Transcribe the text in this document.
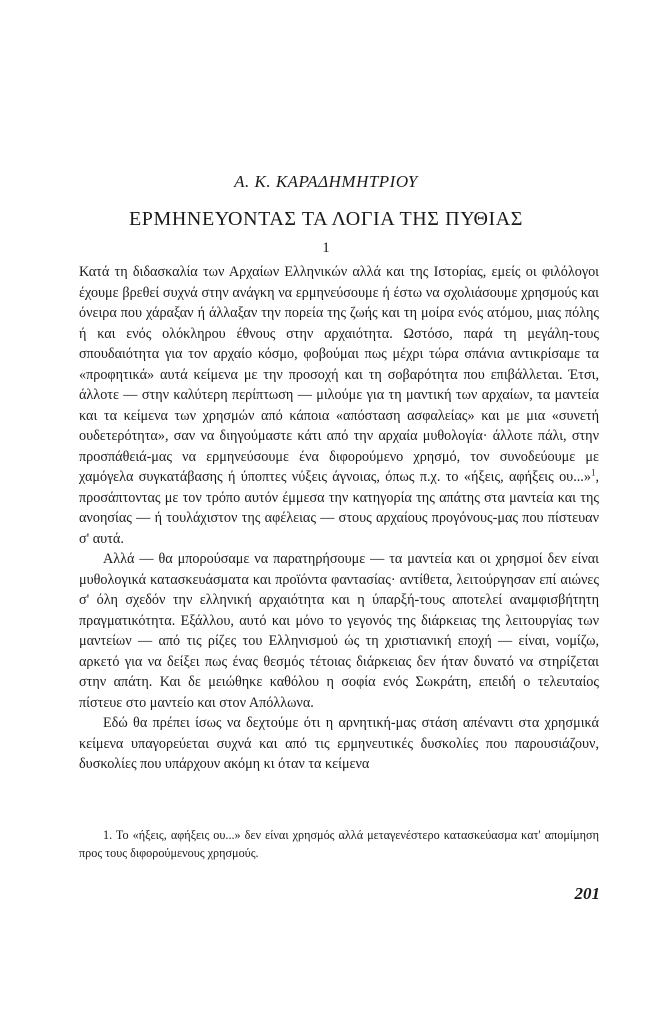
Α. Κ. ΚΑΡΑΔΗΜΗΤΡΙΟΥ
ΕΡΜΗΝΕΥΟΝΤΑΣ ΤΑ ΛΟΓΙΑ ΤΗΣ ΠΥΘΙΑΣ
1

Κατά τη διδασκαλία των Αρχαίων Ελληνικών αλλά και της Ιστορίας, εμείς οι φιλόλογοι έχουμε βρεθεί συχνά στην ανάγκη να ερμηνεύσουμε ή έστω να σχολιάσουμε χρησμούς και όνειρα που χάραξαν ή άλλαξαν την πορεία της ζωής και τη μοίρα ενός ατόμου, μιας πόλης ή και ενός ολόκληρου έθνους στην αρχαιότητα. Ωστόσο, παρά τη μεγάλη-τους σπουδαιότητα για τον αρχαίο κόσμο, φοβούμαι πως μέχρι τώρα σπάνια αντικρίσαμε τα «προφητικά» αυτά κείμενα με την προσοχή και τη σοβαρότητα που επιβάλλεται. Έτσι, άλλοτε — στην καλύτερη περίπτωση — μιλούμε για τη μαντική των αρχαίων, τα μαντεία και τα κείμενα των χρησμών από κάποια «απόσταση ασφαλείας» και με μια «συνετή ουδετερότητα», σαν να διηγούμαστε κάτι από την αρχαία μυθολογία· άλλοτε πάλι, στην προσπάθειά-μας να ερμηνεύσουμε ένα διφορούμενο χρησμό, τον συνοδεύουμε με χαμόγελα συγκατάβασης ή ύποπτες νύξεις άγνοιας, όπως π.χ. το «ήξεις, αφήξεις ου...»$^1$, προσάπτοντας με τον τρόπο αυτόν έμμεσα την κατηγορία της απάτης στα μαντεία και της ανοησίας — ή τουλάχιστον της αφέλειας — στους αρχαίους προγόνους-μας που πίστευαν σ' αυτά.

Αλλά — θα μπορούσαμε να παρατηρήσουμε — τα μαντεία και οι χρησμοί δεν είναι μυθολογικά κατασκευάσματα και προϊόντα φαντασίας· αντίθετα, λειτούργησαν επί αιώνες σ' όλη σχεδόν την ελληνική αρχαιότητα και η ύπαρξή-τους αποτελεί αναμφισβήτητη πραγματικότητα. Εξάλλου, αυτό και μόνο το γεγονός της διάρκειας της λειτουργίας των μαντείων — από τις ρίζες του Ελληνισμού ώς τη χριστιανική εποχή — είναι, νομίζω, αρκετό για να δείξει πως ένας θεσμός τέτοιας διάρκειας δεν ήταν δυνατό να στηρίζεται στην απάτη. Και δε μειώθηκε καθόλου η σοφία ενός Σωκράτη, επειδή ο τελευταίος πίστευε στο μαντείο και στον Απόλλωνα.

Εδώ θα πρέπει ίσως να δεχτούμε ότι η αρνητική-μας στάση απέναντι στα χρησμικά κείμενα υπαγορεύεται συχνά και από τις ερμηνευτικές δυσκολίες που παρουσιάζουν, δυσκολίες που υπάρχουν ακόμη κι όταν τα κείμενα

1. Το «ήξεις, αφήξεις ου...» δεν είναι χρησμός αλλά μεταγενέστερο κατασκεύασμα κατ' απομίμηση προς τους διφορούμενους χρησμούς.

201
